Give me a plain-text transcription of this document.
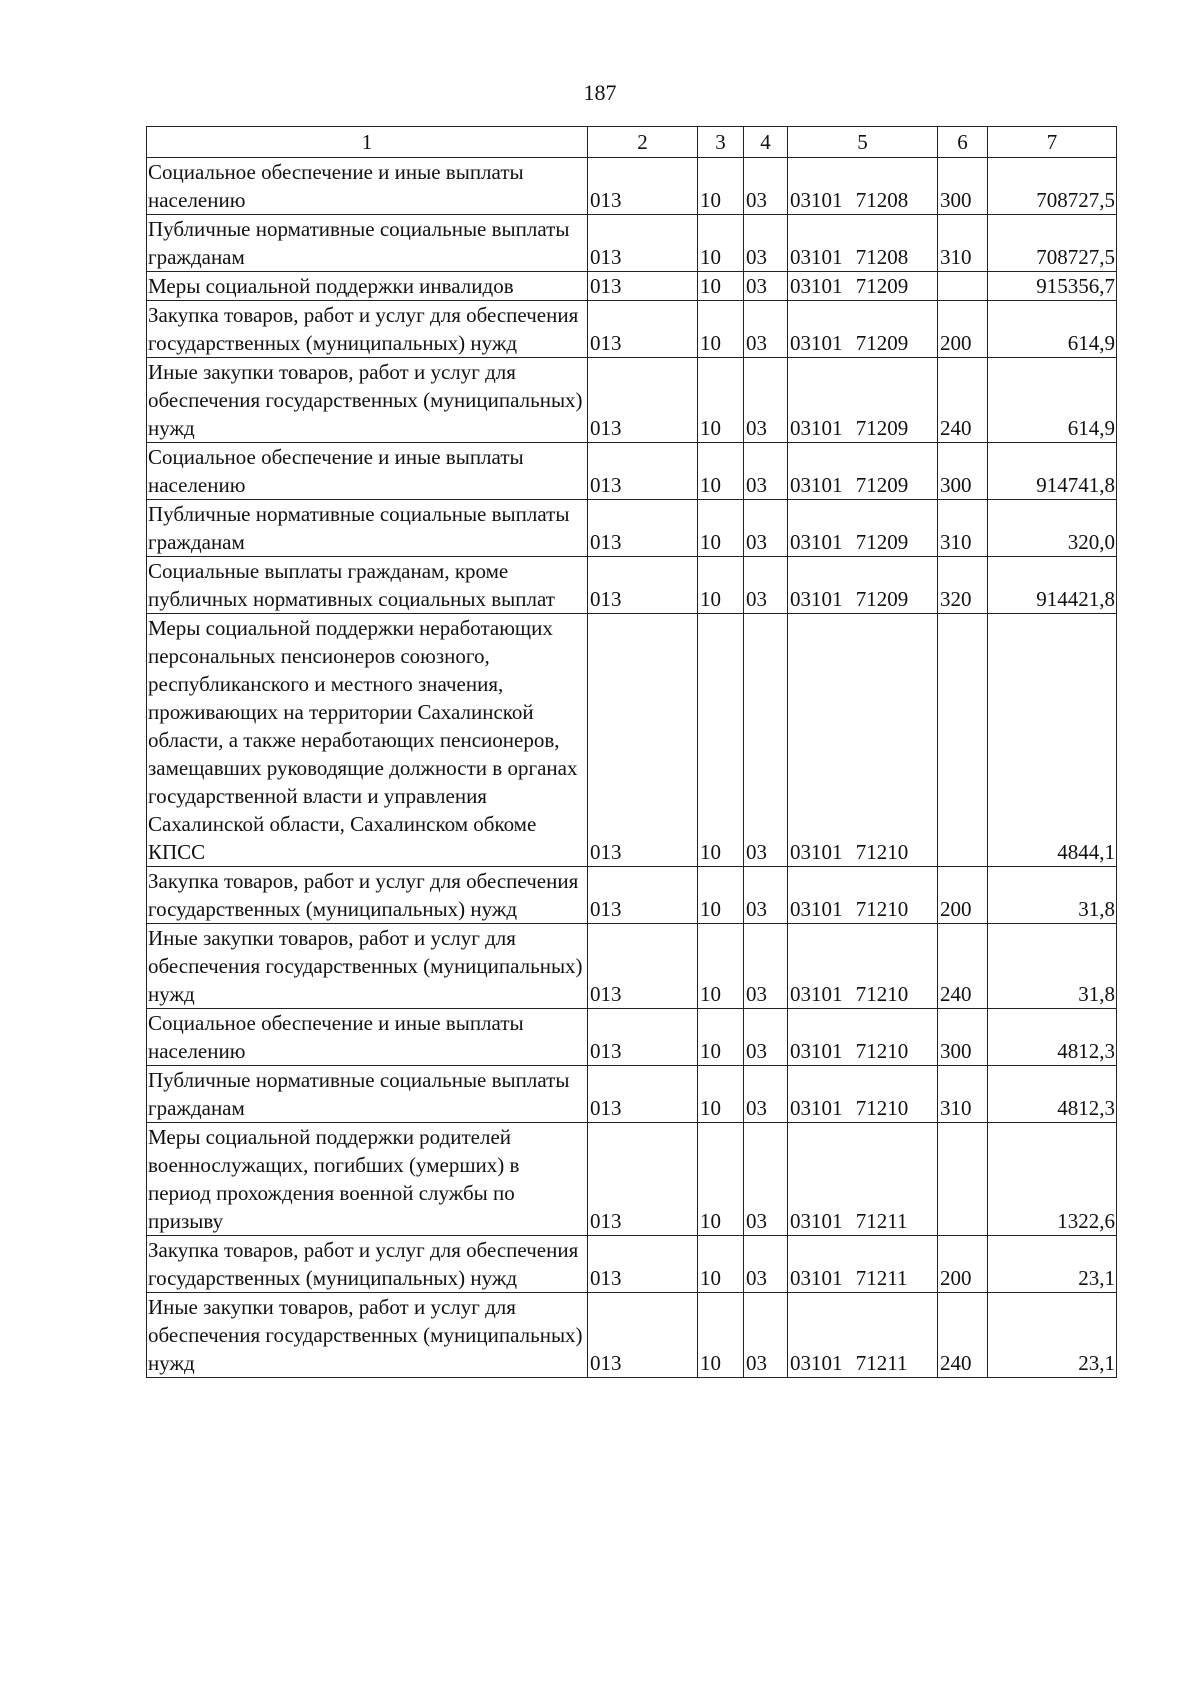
187
1	2	3	4	5	6	7
Социальное обеспечение и иные выплаты населению	013	10	03	03101 71208	300	708727,5
Публичные нормативные социальные выплаты гражданам	013	10	03	03101 71208	310	708727,5
Меры социальной поддержки инвалидов	013	10	03	03101 71209		915356,7
Закупка товаров, работ и услуг для обеспечения государственных (муниципальных) нужд	013	10	03	03101 71209	200	614,9
Иные закупки товаров, работ и услуг для обеспечения государственных (муниципальных) нужд	013	10	03	03101 71209	240	614,9
Социальное обеспечение и иные выплаты населению	013	10	03	03101 71209	300	914741,8
Публичные нормативные социальные выплаты гражданам	013	10	03	03101 71209	310	320,0
Социальные выплаты гражданам, кроме публичных нормативных социальных выплат	013	10	03	03101 71209	320	914421,8
Меры социальной поддержки неработающих персональных пенсионеров союзного, республиканского и местного значения, проживающих на территории Сахалинской области, а также неработающих пенсионеров, замещавших руководящие должности в органах государственной власти и управления Сахалинской области, Сахалинском обкоме КПСС	013	10	03	03101 71210		4844,1
Закупка товаров, работ и услуг для обеспечения государственных (муниципальных) нужд	013	10	03	03101 71210	200	31,8
Иные закупки товаров, работ и услуг для обеспечения государственных (муниципальных) нужд	013	10	03	03101 71210	240	31,8
Социальное обеспечение и иные выплаты населению	013	10	03	03101 71210	300	4812,3
Публичные нормативные социальные выплаты гражданам	013	10	03	03101 71210	310	4812,3
Меры социальной поддержки родителей военнослужащих, погибших (умерших) в период прохождения военной службы по призыву	013	10	03	03101 71211		1322,6
Закупка товаров, работ и услуг для обеспечения государственных (муниципальных) нужд	013	10	03	03101 71211	200	23,1
Иные закупки товаров, работ и услуг для обеспечения государственных (муниципальных) нужд	013	10	03	03101 71211	240	23,1
